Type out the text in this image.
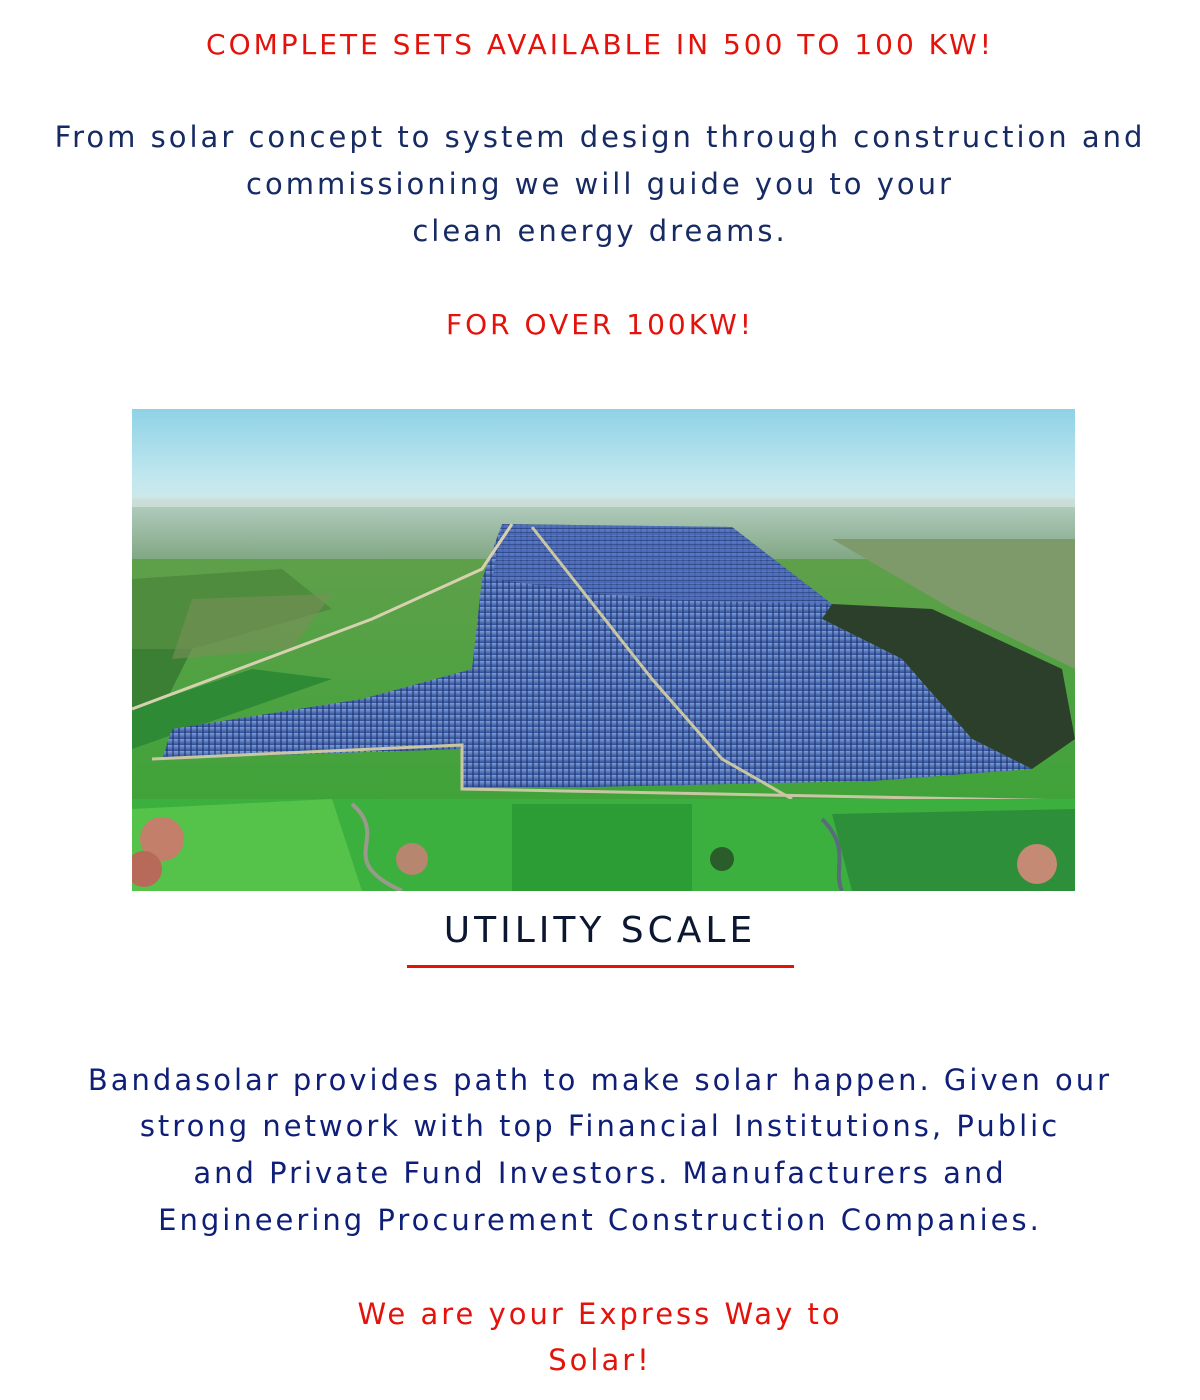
COMPLETE SETS AVAILABLE IN 500 TO 100 KW!

From solar concept to system design through construction and

commissioning we will guide you to your

clean energy dreams.

FOR OVER 100KW!

UTILITY SCALE

Bandasolar provides path to make solar happen. Given our

strong network with top Financial Institutions, Public

and Private Fund Investors. Manufacturers and

Engineering Procurement Construction Companies.

We are your Express Way to

Solar!
